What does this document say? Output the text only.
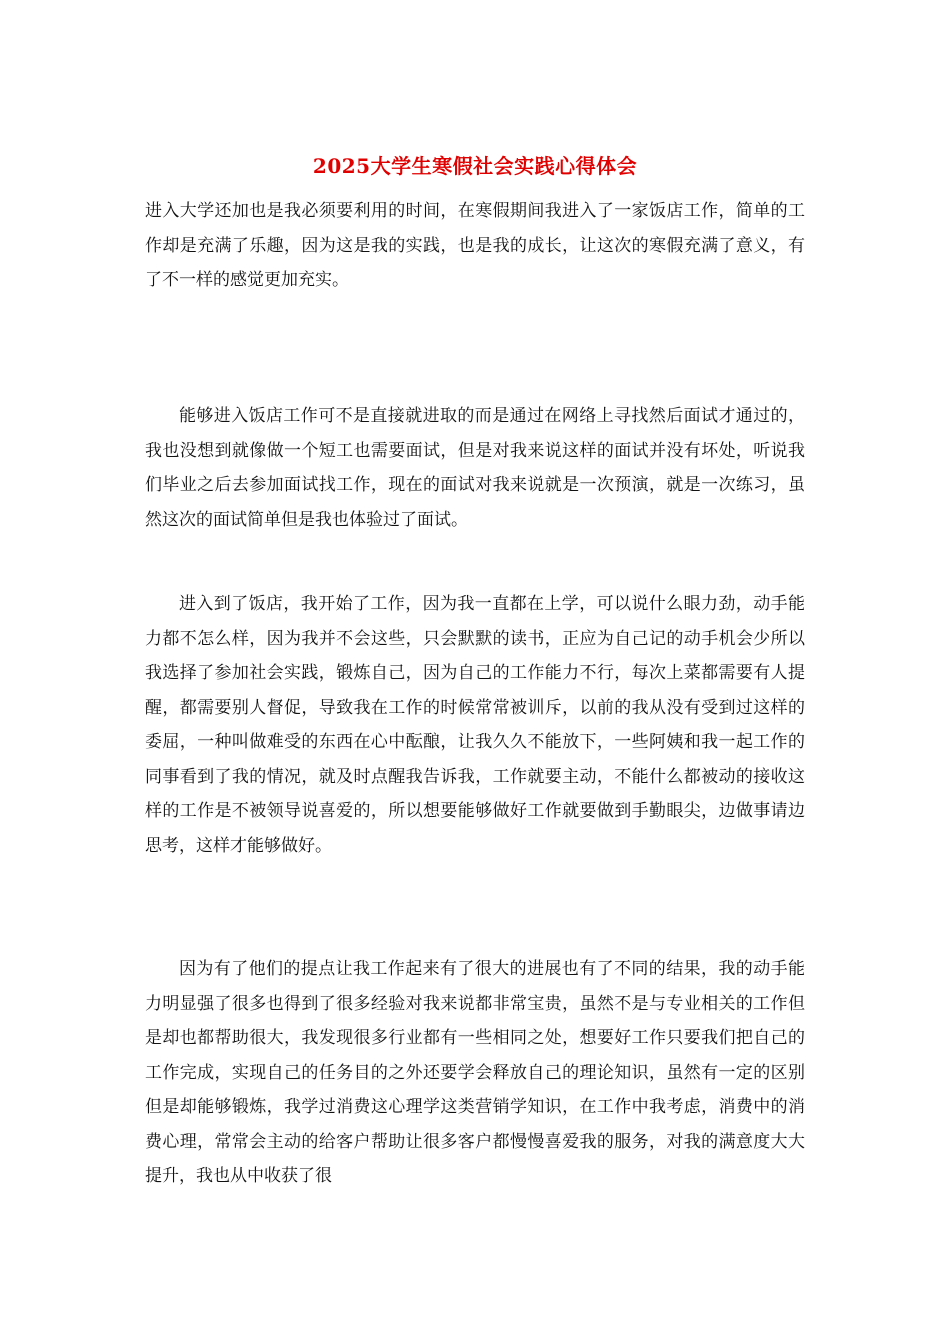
2025大学生寒假社会实践心得体会

进入大学还加也是我必须要利用的时间，在寒假期间我进入了一家饭店工作，简单的工作却是充满了乐趣，因为这是我的实践，也是我的成长，让这次的寒假充满了意义，有了不一样的感觉更加充实。

能够进入饭店工作可不是直接就进取的而是通过在网络上寻找然后面试才通过的，我也没想到就像做一个短工也需要面试，但是对我来说这样的面试并没有坏处，听说我们毕业之后去参加面试找工作，现在的面试对我来说就是一次预演，就是一次练习，虽然这次的面试简单但是我也体验过了面试。

进入到了饭店，我开始了工作，因为我一直都在上学，可以说什么眼力劲，动手能力都不怎么样，因为我并不会这些，只会默默的读书，正应为自己记的动手机会少所以我选择了参加社会实践，锻炼自己，因为自己的工作能力不行，每次上菜都需要有人提醒，都需要别人督促，导致我在工作的时候常常被训斥，以前的我从没有受到过这样的委屈，一种叫做难受的东西在心中酝酿，让我久久不能放下，一些阿姨和我一起工作的同事看到了我的情况，就及时点醒我告诉我，工作就要主动，不能什么都被动的接收这样的工作是不被领导说喜爱的，所以想要能够做好工作就要做到手勤眼尖，边做事请边思考，这样才能够做好。

因为有了他们的提点让我工作起来有了很大的进展也有了不同的结果，我的动手能力明显强了很多也得到了很多经验对我来说都非常宝贵，虽然不是与专业相关的工作但是却也都帮助很大，我发现很多行业都有一些相同之处，想要好工作只要我们把自己的工作完成，实现自己的任务目的之外还要学会释放自己的理论知识，虽然有一定的区别但是却能够锻炼，我学过消费这心理学这类营销学知识，在工作中我考虑，消费中的消费心理，常常会主动的给客户帮助让很多客户都慢慢喜爱我的服务，对我的满意度大大提升，我也从中收获了很
